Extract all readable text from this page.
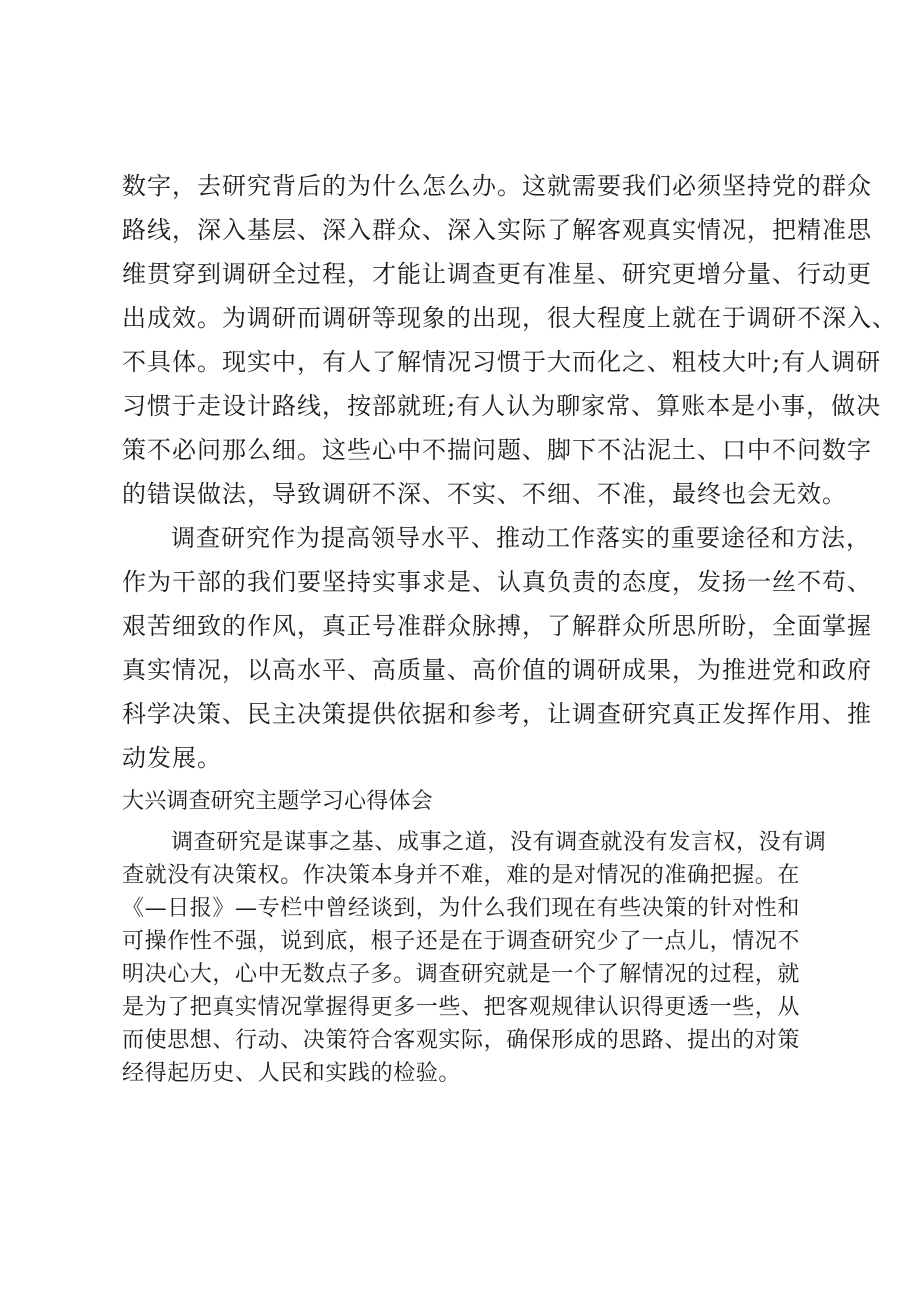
数字，去研究背后的为什么怎么办。这就需要我们必须坚持党的群众
路线，深入基层、深入群众、深入实际了解客观真实情况，把精准思
维贯穿到调研全过程，才能让调查更有准星、研究更增分量、行动更
出成效。为调研而调研等现象的出现，很大程度上就在于调研不深入、
不具体。现实中，有人了解情况习惯于大而化之、粗枝大叶;有人调研
习惯于走设计路线，按部就班;有人认为聊家常、算账本是小事，做决
策不必问那么细。这些心中不揣问题、脚下不沾泥土、口中不问数字
的错误做法，导致调研不深、不实、不细、不准，最终也会无效。
调查研究作为提高领导水平、推动工作落实的重要途径和方法，
作为干部的我们要坚持实事求是、认真负责的态度，发扬一丝不苟、
艰苦细致的作风，真正号准群众脉搏，了解群众所思所盼，全面掌握
真实情况，以高水平、高质量、高价值的调研成果，为推进党和政府
科学决策、民主决策提供依据和参考，让调查研究真正发挥作用、推
动发展。
大兴调查研究主题学习心得体会
调查研究是谋事之基、成事之道，没有调查就没有发言权，没有调
查就没有决策权。作决策本身并不难，难的是对情况的准确把握。在
《—日报》—专栏中曾经谈到，为什么我们现在有些决策的针对性和
可操作性不强，说到底，根子还是在于调查研究少了一点儿，情况不
明决心大，心中无数点子多。调查研究就是一个了解情况的过程，就
是为了把真实情况掌握得更多一些、把客观规律认识得更透一些，从
而使思想、行动、决策符合客观实际，确保形成的思路、提出的对策
经得起历史、人民和实践的检验。
